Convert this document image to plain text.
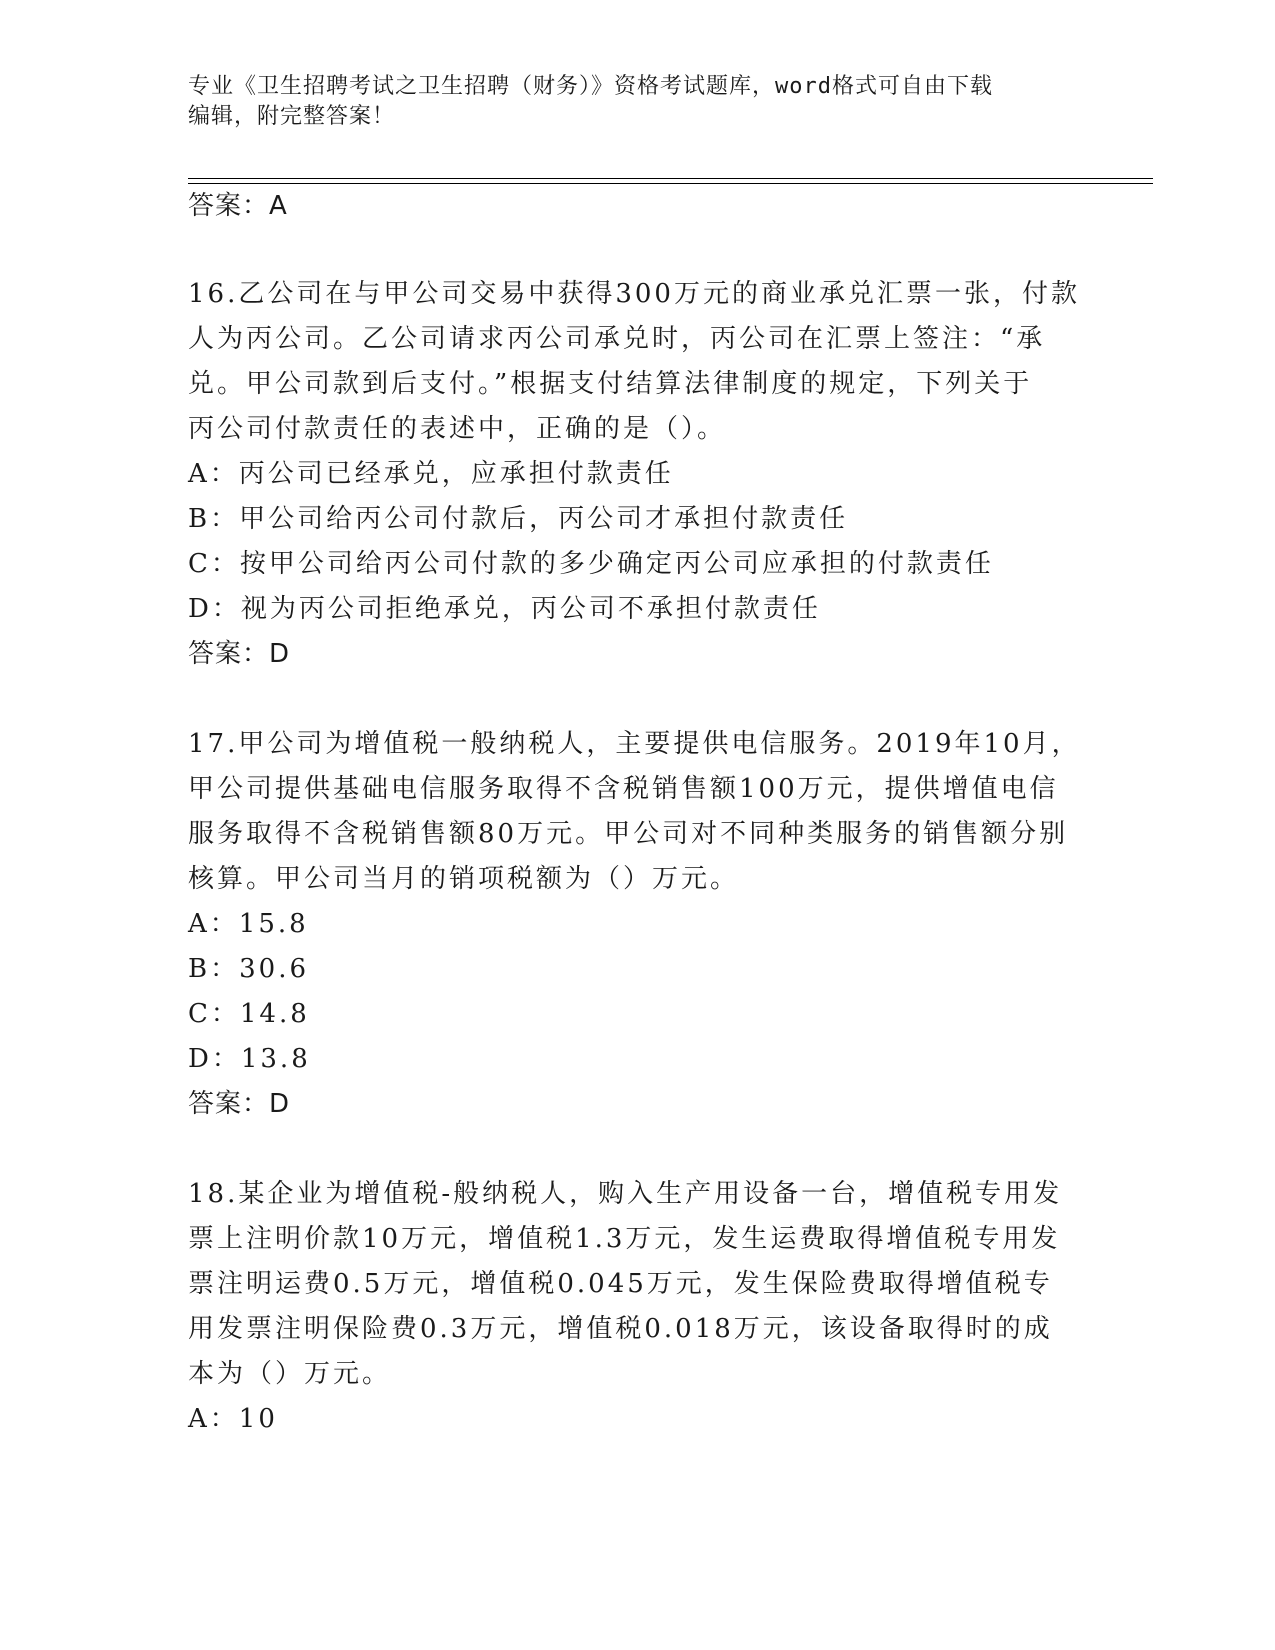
专业《卫生招聘考试之卫生招聘（财务）》资格考试题库，word格式可自由下载
编辑，附完整答案！
答案：A
16.乙公司在与甲公司交易中获得300万元的商业承兑汇票一张，付款
人为丙公司。乙公司请求丙公司承兑时，丙公司在汇票上签注：“承
兑。甲公司款到后支付。”根据支付结算法律制度的规定，下列关于
丙公司付款责任的表述中，正确的是（）。
A：丙公司已经承兑，应承担付款责任
B：甲公司给丙公司付款后，丙公司才承担付款责任
C：按甲公司给丙公司付款的多少确定丙公司应承担的付款责任
D：视为丙公司拒绝承兑，丙公司不承担付款责任
答案：D
17.甲公司为增值税一般纳税人，主要提供电信服务。2019年10月，
甲公司提供基础电信服务取得不含税销售额100万元，提供增值电信
服务取得不含税销售额80万元。甲公司对不同种类服务的销售额分别
核算。甲公司当月的销项税额为（）万元。
A：15.8
B：30.6
C：14.8
D：13.8
答案：D
18.某企业为增值税-般纳税人，购入生产用设备一台，增值税专用发
票上注明价款10万元，增值税1.3万元，发生运费取得增值税专用发
票注明运费0.5万元，增值税0.045万元，发生保险费取得增值税专
用发票注明保险费0.3万元，增值税0.018万元，该设备取得时的成
本为（）万元。
A：10
